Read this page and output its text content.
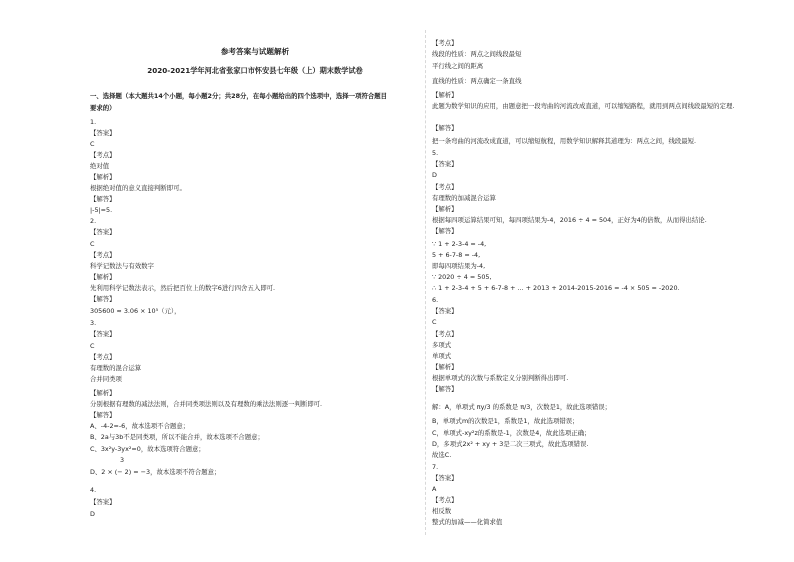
参考答案与试题解析
2020-2021学年河北省张家口市怀安县七年级（上）期末数学试卷
一、选择题（本大题共14个小题，每小题2分；共28分，在每小题给出的四个选项中，选择一项符合题目
要求的）
1.
【答案】
C
【考点】
绝对值
【解析】
根据绝对值的意义直接判断即可。
【解答】
|-5|=5.
2.
【答案】
C
【考点】
科学记数法与有效数字
【解析】
先利用科学记数法表示，然后把百位上的数字6进行四舍五入即可.
【解答】
305600 ≈ 3.06 × 10⁵（元），
3.
【答案】
C
【考点】
有理数的混合运算
合并同类项
【解析】
分别根据有理数的减法法则，合并同类项法则以及有理数的乘法法则逐一判断即可.
【解答】
A、-4-2=-6，故本选项不合题意；
B、2a与3b不是同类项，所以不能合并，故本选项不合题意；
C、3x²y-3yx²=0，故本选项符合题意；
3
D、2 × (− 2) = −3，故本选项不符合题意；
4.
【答案】
D
【考点】
线段的性质：两点之间线段最短
平行线之间的距离
直线的性质：两点确定一条直线
【解析】
此题为数学知识的应用，由题意把一段弯曲的河流改成直道，可以缩短路程，就用到两点间线段最短的定理.
【解答】
把一条弯曲的河流改成直道，可以缩短航程，用数学知识解释其道理为：两点之间，线段最短.
5.
【答案】
D
【考点】
有理数的加减混合运算
【解析】
根据每四项运算结果可知，每四项结果为-4，2016 ÷ 4 = 504，正好为4的倍数，从而得出结论.
【解答】
∵ 1 + 2-3-4 = -4,
5 + 6-7-8 = -4,
即每四项结果为-4,
∵ 2020 ÷ 4 = 505,
∴ 1 + 2-3-4 + 5 + 6-7-8 + ... + 2013 + 2014-2015-2016 = -4 × 505 = -2020.
6.
【答案】
C
【考点】
多项式
单项式
【解析】
根据单项式的次数与系数定义分别判断得出即可.
【解答】
解：A，单项式 πy/3 的系数是 π/3，次数是1，故此选项错误；
B，单项式m的次数是1，系数是1，故此选项错误；
C，单项式-xy²z的系数是-1，次数是4，故此选项正确；
D，多项式2x² + xy + 3是二次三项式，故此选项错误.
故选C.
7.
【答案】
A
【考点】
相反数
整式的加减——化简求值
